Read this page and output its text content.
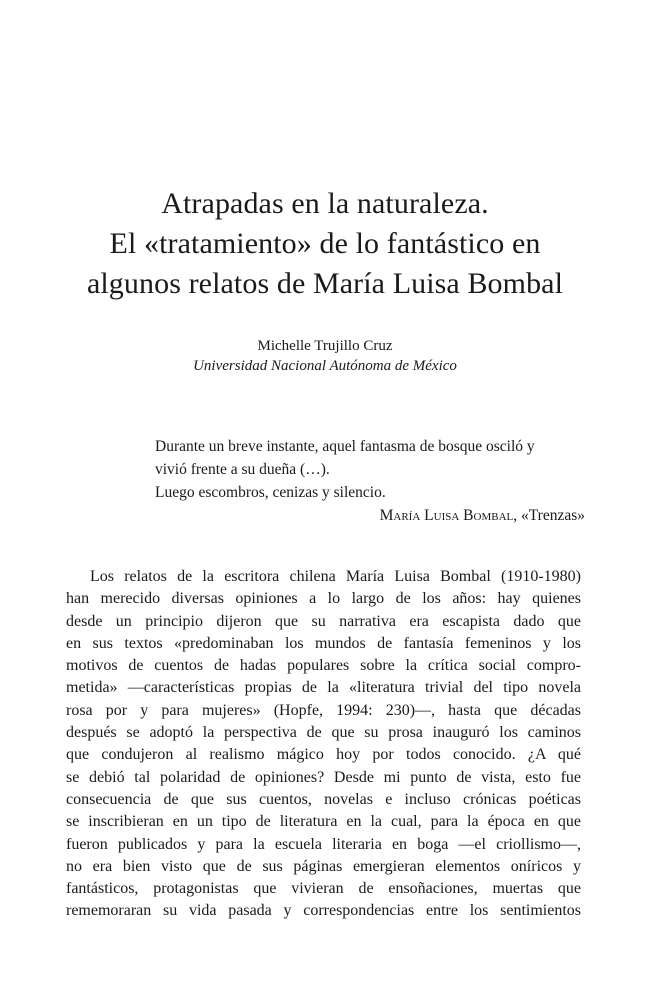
Atrapadas en la naturaleza.
El «tratamiento» de lo fantástico en
algunos relatos de María Luisa Bombal
Michelle Trujillo Cruz
Universidad Nacional Autónoma de México
Durante un breve instante, aquel fantasma de bosque osciló y
vivió frente a su dueña (…).
Luego escombros, cenizas y silencio.
María Luisa Bombal, «Trenzas»
Los relatos de la escritora chilena María Luisa Bombal (1910-1980)
han merecido diversas opiniones a lo largo de los años: hay quienes
desde un principio dijeron que su narrativa era escapista dado que
en sus textos «predominaban los mundos de fantasía femeninos y los
motivos de cuentos de hadas populares sobre la crítica social compro-
metida» —características propias de la «literatura trivial del tipo novela
rosa por y para mujeres» (Hopfe, 1994: 230)—, hasta que décadas
después se adoptó la perspectiva de que su prosa inauguró los caminos
que condujeron al realismo mágico hoy por todos conocido. ¿A qué
se debió tal polaridad de opiniones? Desde mi punto de vista, esto fue
consecuencia de que sus cuentos, novelas e incluso crónicas poéticas
se inscribieran en un tipo de literatura en la cual, para la época en que
fueron publicados y para la escuela literaria en boga —el criollismo—,
no era bien visto que de sus páginas emergieran elementos oníricos y
fantásticos, protagonistas que vivieran de ensoñaciones, muertas que
rememoraran su vida pasada y correspondencias entre los sentimientos
